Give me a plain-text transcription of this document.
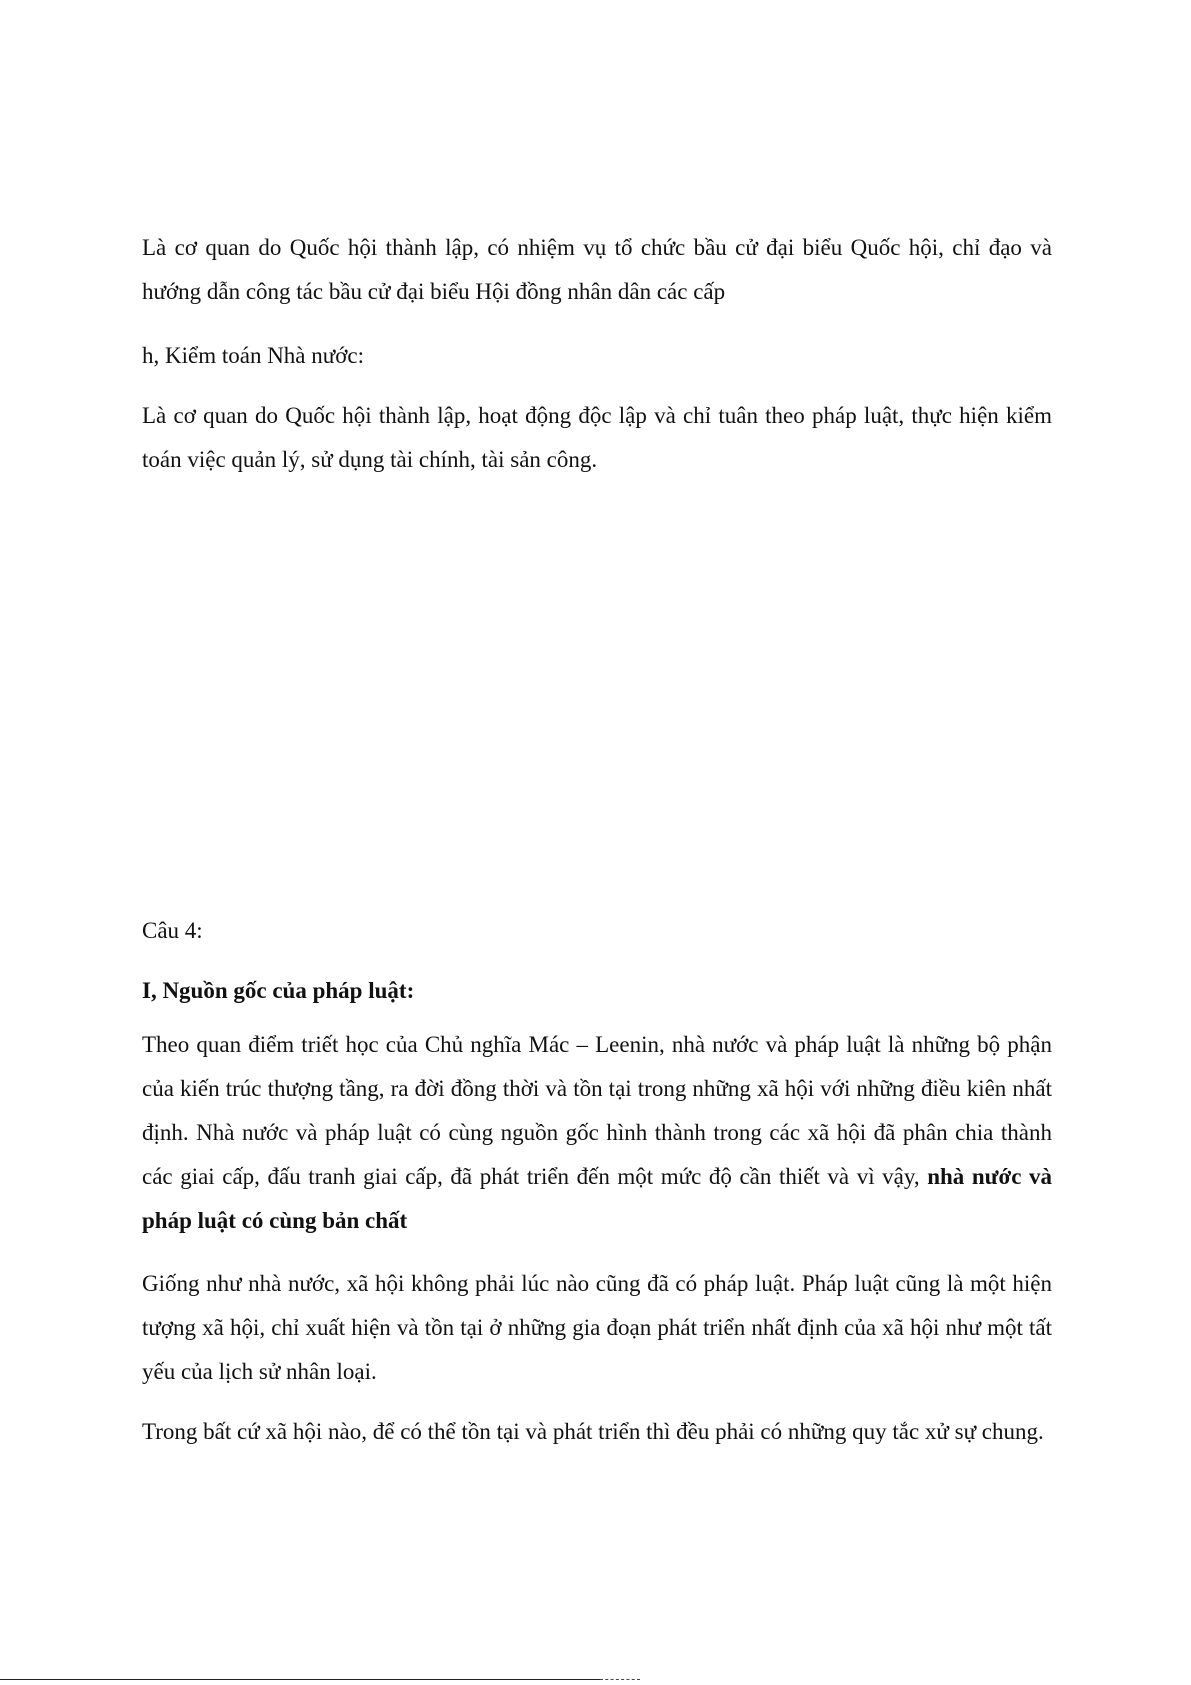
Là cơ quan do Quốc hội thành lập, có nhiệm vụ tổ chức bầu cử đại biểu Quốc hội, chỉ đạo và hướng dẫn công tác bầu cử đại biểu Hội đồng nhân dân các cấp

h, Kiểm toán Nhà nước:

Là cơ quan do Quốc hội thành lập, hoạt động độc lập và chỉ tuân theo pháp luật, thực hiện kiểm toán việc quản lý, sử dụng tài chính, tài sản công.

Câu 4:

I, Nguồn gốc của pháp luật:

Theo quan điểm triết học của Chủ nghĩa Mác – Leenin, nhà nước và pháp luật là những bộ phận của kiến trúc thượng tầng, ra đời đồng thời và tồn tại trong những xã hội với những điều kiên nhất định. Nhà nước và pháp luật có cùng nguồn gốc hình thành trong các xã hội đã phân chia thành các giai cấp, đấu tranh giai cấp, đã phát triển đến một mức độ cần thiết và vì vậy, nhà nước và pháp luật có cùng bản chất

Giống như nhà nước, xã hội không phải lúc nào cũng đã có pháp luật. Pháp luật cũng là một hiện tượng xã hội, chỉ xuất hiện và tồn tại ở những gia đoạn phát triển nhất định của xã hội như một tất yếu của lịch sử nhân loại.

Trong bất cứ xã hội nào, để có thể tồn tại và phát triển thì đều phải có những quy tắc xử sự chung.
